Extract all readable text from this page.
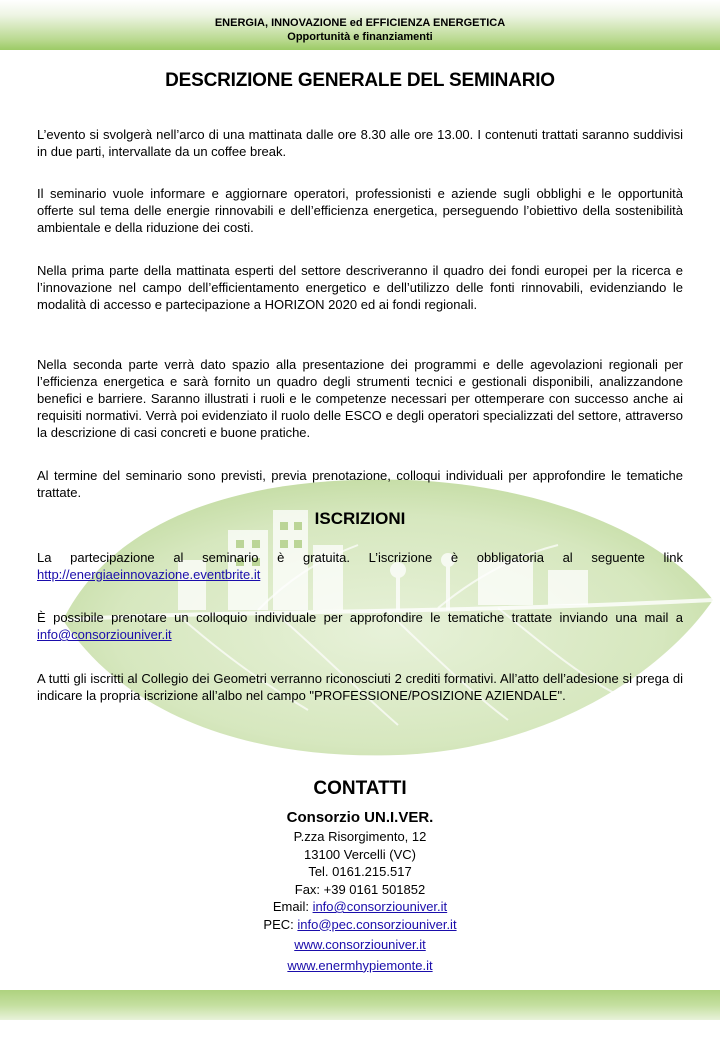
ENERGIA, INNOVAZIONE ed EFFICIENZA ENERGETICA
Opportunità e finanziamenti
DESCRIZIONE GENERALE DEL SEMINARIO

L’evento si svolgerà nell’arco di una mattinata dalle ore 8.30 alle ore 13.00. I contenuti trattati saranno suddivisi in due parti, intervallate da un coffee break.

Il seminario vuole informare e aggiornare operatori, professionisti e aziende sugli obblighi e le opportunità offerte sul tema delle energie rinnovabili e dell’efficienza energetica, perseguendo l’obiettivo della sostenibilità ambientale e della riduzione dei costi.

Nella prima parte della mattinata esperti del settore descriveranno il quadro dei fondi europei per la ricerca e l’innovazione nel campo dell’efficientamento energetico e dell’utilizzo delle fonti rinnovabili, evidenziando le modalità di accesso e partecipazione a HORIZON 2020 ed ai fondi regionali.

Nella seconda parte verrà dato spazio alla presentazione dei programmi e delle agevolazioni regionali per l’efficienza energetica e sarà fornito un quadro degli strumenti tecnici e gestionali disponibili, analizzandone benefici e barriere. Saranno illustrati i ruoli e le competenze necessari per ottemperare con successo anche ai requisiti normativi. Verrà poi evidenziato il ruolo delle ESCO e degli operatori specializzati del settore, attraverso la descrizione di casi concreti e buone pratiche.

Al termine del seminario sono previsti, previa prenotazione, colloqui individuali per approfondire le tematiche trattate.

ISCRIZIONI

La partecipazione al seminario è gratuita. L’iscrizione è obbligatoria al seguente link http://energiaeinnovazione.eventbrite.it

È possibile prenotare un colloquio individuale per approfondire le tematiche trattate inviando una mail a info@consorziouniver.it

A tutti gli iscritti al Collegio dei Geometri verranno riconosciuti 2 crediti formativi. All’atto dell’adesione si prega di indicare la propria iscrizione all’albo nel campo "PROFESSIONE/POSIZIONE AZIENDALE".

CONTATTI
Consorzio UN.I.VER.
P.zza Risorgimento, 12
13100 Vercelli (VC)
Tel. 0161.215.517
Fax: +39 0161 501852
Email: info@consorziouniver.it
PEC: info@pec.consorziouniver.it
www.consorziouniver.it
www.enermhypiemonte.it
